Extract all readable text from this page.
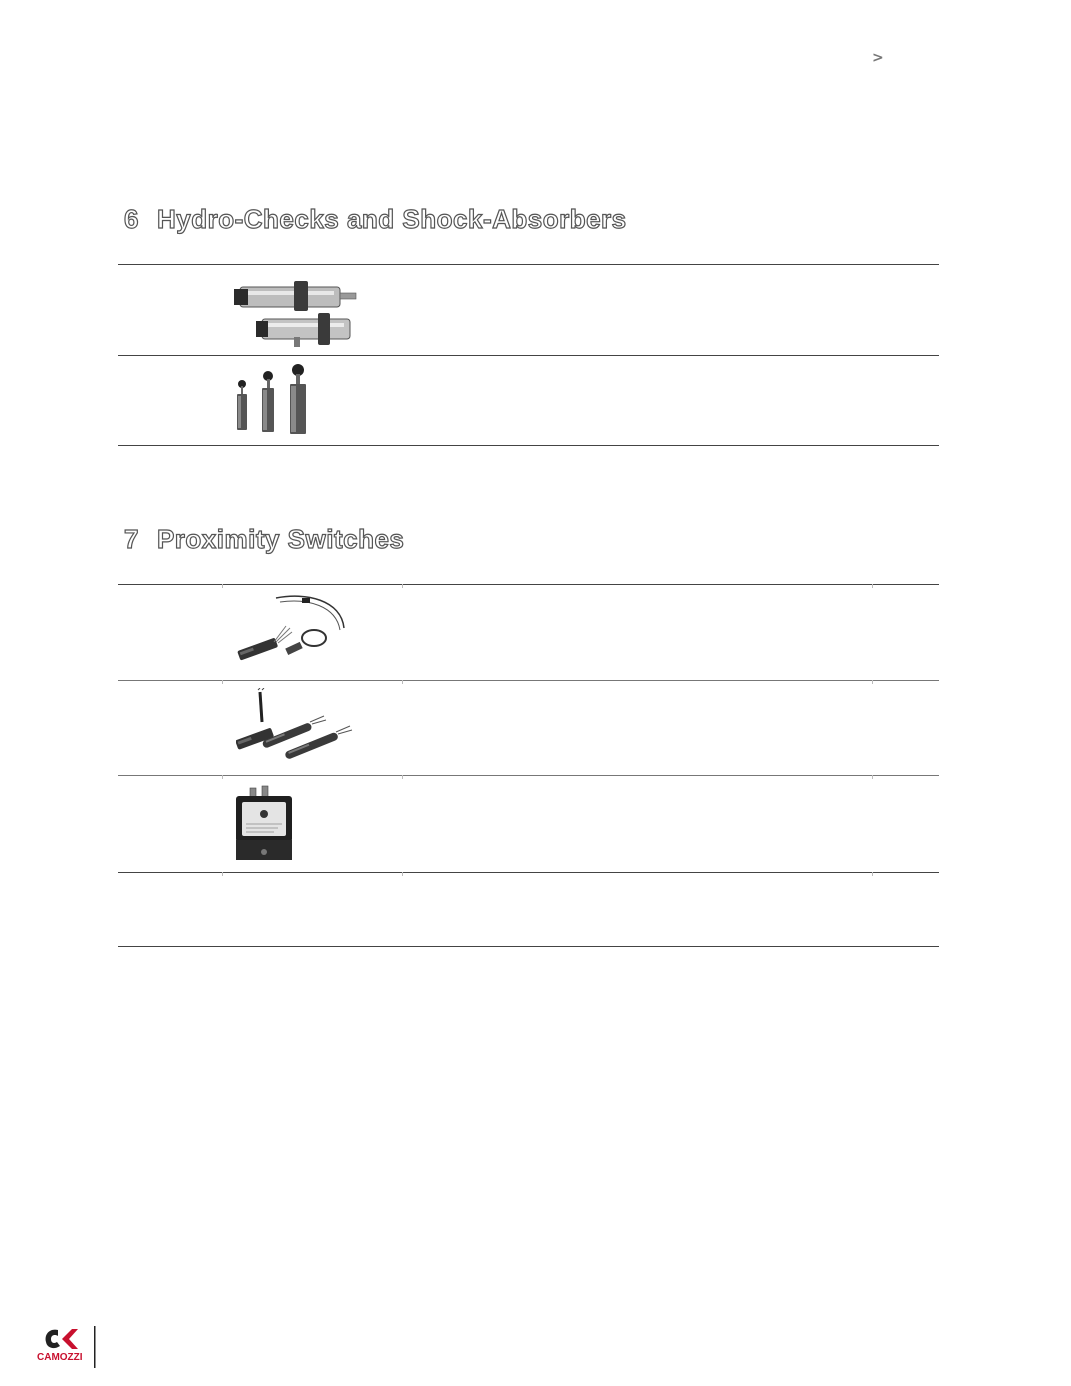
>
6 Hydro-Checks and Shock-Absorbers
7 Proximity Switches
CAMOZZI
